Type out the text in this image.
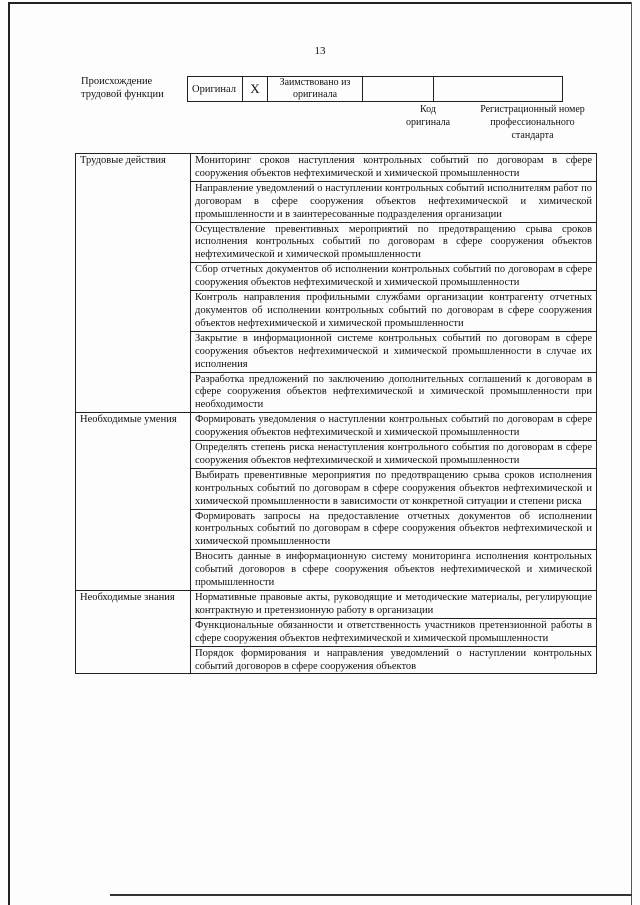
13
Происхождение трудовой функции	Оригинал	X	Заимствовано из оригинала		
Код оригинала
Регистрационный номер профессионального стандарта
Трудовые действия	Мониторинг сроков наступления контрольных событий по договорам в сфере сооружения объектов нефтехимической и химической промышленности
	Направление уведомлений о наступлении контрольных событий исполнителям работ по договорам в сфере сооружения объектов нефтехимической и химической промышленности и в заинтересованные подразделения организации
	Осуществление превентивных мероприятий по предотвращению срыва сроков исполнения контрольных событий по договорам в сфере сооружения объектов нефтехимической и химической промышленности
	Сбор отчетных документов об исполнении контрольных событий по договорам в сфере сооружения объектов нефтехимической и химической промышленности
	Контроль направления профильными службами организации контрагенту отчетных документов об исполнении контрольных событий по договорам в сфере сооружения объектов нефтехимической и химической промышленности
	Закрытие в информационной системе контрольных событий по договорам в сфере сооружения объектов нефтехимической и химической промышленности в случае их исполнения
	Разработка предложений по заключению дополнительных соглашений к договорам в сфере сооружения объектов нефтехимической и химической промышленности при необходимости
Необходимые умения	Формировать уведомления о наступлении контрольных событий по договорам в сфере сооружения объектов нефтехимической и химической промышленности
	Определять степень риска ненаступления контрольного события по договорам в сфере сооружения объектов нефтехимической и химической промышленности
	Выбирать превентивные мероприятия по предотвращению срыва сроков исполнения контрольных событий по договорам в сфере сооружения объектов нефтехимической и химической промышленности в зависимости от конкретной ситуации и степени риска
	Формировать запросы на предоставление отчетных документов об исполнении контрольных событий по договорам в сфере сооружения объектов нефтехимической и химической промышленности
	Вносить данные в информационную систему мониторинга исполнения контрольных событий договоров в сфере сооружения объектов нефтехимической и химической промышленности
Необходимые знания	Нормативные правовые акты, руководящие и методические материалы, регулирующие контрактную и претензионную работу в организации
	Функциональные обязанности и ответственность участников претензионной работы в сфере сооружения объектов нефтехимической и химической промышленности
	Порядок формирования и направления уведомлений о наступлении контрольных событий договоров в сфере сооружения объектов
